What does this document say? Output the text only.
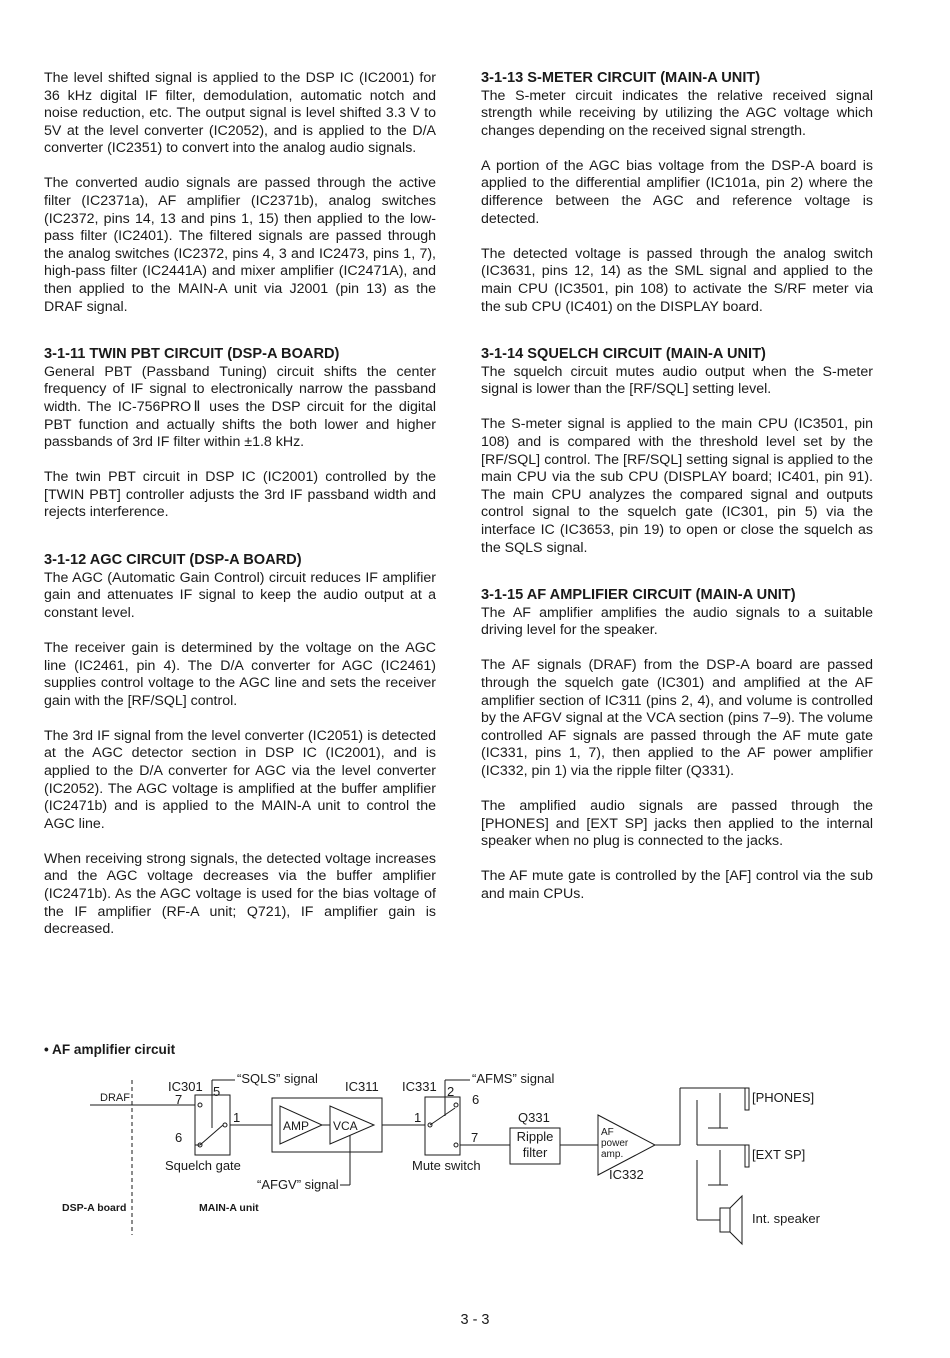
The level shifted signal is applied to the DSP IC (IC2001) for 36 kHz digital IF filter, demodulation, automatic notch and noise reduction, etc. The output signal is level shifted 3.3 V to 5V at the level converter (IC2052), and is applied to the D/A converter (IC2351) to convert into the analog audio signals.

The converted audio signals are passed through the active filter (IC2371a), AF amplifier (IC2371b), analog switches (IC2372, pins 14, 13 and pins 1, 15) then applied to the low-pass filter (IC2401). The filtered signals are passed through the analog switches (IC2372, pins 4, 3 and IC2473, pins 1, 7), high-pass filter (IC2441A) and mixer amplifier (IC2471A), and then applied to the MAIN-A unit via J2001 (pin 13) as the DRAF signal.

3-1-11 TWIN PBT CIRCUIT (DSP-A BOARD)

General PBT (Passband Tuning) circuit shifts the center frequency of IF signal to electronically narrow the passband width. The IC-756PROⅡ uses the DSP circuit for the digital PBT function and actually shifts the both lower and higher passbands of 3rd IF filter within ±1.8 kHz.

The twin PBT circuit in DSP IC (IC2001) controlled by the [TWIN PBT] controller adjusts the 3rd IF passband width and rejects interference.

3-1-12 AGC CIRCUIT (DSP-A BOARD)

The AGC (Automatic Gain Control) circuit reduces IF amplifier gain and attenuates IF signal to keep the audio output at a constant level.

The receiver gain is determined by the voltage on the AGC line (IC2461, pin 4). The D/A converter for AGC (IC2461) supplies control voltage to the AGC line and sets the receiver gain with the [RF/SQL] control.

The 3rd IF signal from the level converter (IC2051) is detected at the AGC detector section in DSP IC (IC2001), and is applied to the D/A converter for AGC via the level converter (IC2052). The AGC voltage is amplified at the buffer amplifier (IC2471b) and is applied to the MAIN-A unit to control the AGC line.

When receiving strong signals, the detected voltage increases and the AGC voltage decreases via the buffer amplifier (IC2471b). As the AGC voltage is used for the bias voltage of the IF amplifier (RF-A unit; Q721), IF amplifier gain is decreased.

3-1-13 S-METER CIRCUIT (MAIN-A UNIT)

The S-meter circuit indicates the relative received signal strength while receiving by utilizing the AGC voltage which changes depending on the received signal strength.

A portion of the AGC bias voltage from the DSP-A board is applied to the differential amplifier (IC101a, pin 2) where the difference between the AGC and reference voltage is detected.

The detected voltage is passed through the analog switch (IC3631, pins 12, 14) as the SML signal and applied to the main CPU (IC3501, pin 108) to activate the S/RF meter via the sub CPU (IC401) on the DISPLAY board.

3-1-14 SQUELCH CIRCUIT (MAIN-A UNIT)

The squelch circuit mutes audio output when the S-meter signal is lower than the [RF/SQL] setting level.

The S-meter signal is applied to the main CPU (IC3501, pin 108) and is compared with the threshold level set by the [RF/SQL] control. The [RF/SQL] setting signal is applied to the main CPU via the sub CPU (DISPLAY board; IC401, pin 91). The main CPU analyzes the compared signal and outputs control signal to the squelch gate (IC301, pin 5) via the interface IC (IC3653, pin 19) to open or close the squelch as the SQLS signal.

3-1-15 AF AMPLIFIER CIRCUIT (MAIN-A UNIT)

The AF amplifier amplifies the audio signals to a suitable driving level for the speaker.

The AF signals (DRAF) from the DSP-A board are passed through the squelch gate (IC301) and amplified at the AF amplifier section of IC311 (pins 2, 4), and volume is controlled by the AFGV signal at the VCA section (pins 7–9). The volume controlled AF signals are passed through the AF mute gate (IC331, pins 1, 7), then applied to the AF power amplifier (IC332, pin 1) via the ripple filter (Q331).

The amplified audio signals are passed through the [PHONES] and [EXT SP] jacks then applied to the internal speaker when no plug is connected to the jacks.

The AF mute gate is controlled by the [AF] control via the sub and main CPUs.

• AF amplifier circuit
DRAF
IC301
“SQLS” signal
5
7
1
6
Squelch gate
IC311
AMP VCA
“AFGV” signal
IC331
“AFMS” signal
2
6
1
7
Mute switch
Q331
Ripple
filter
AF
power
amp.
IC332
[PHONES]
[EXT SP]
Int. speaker
DSP-A board	MAIN-A unit
3 - 3
